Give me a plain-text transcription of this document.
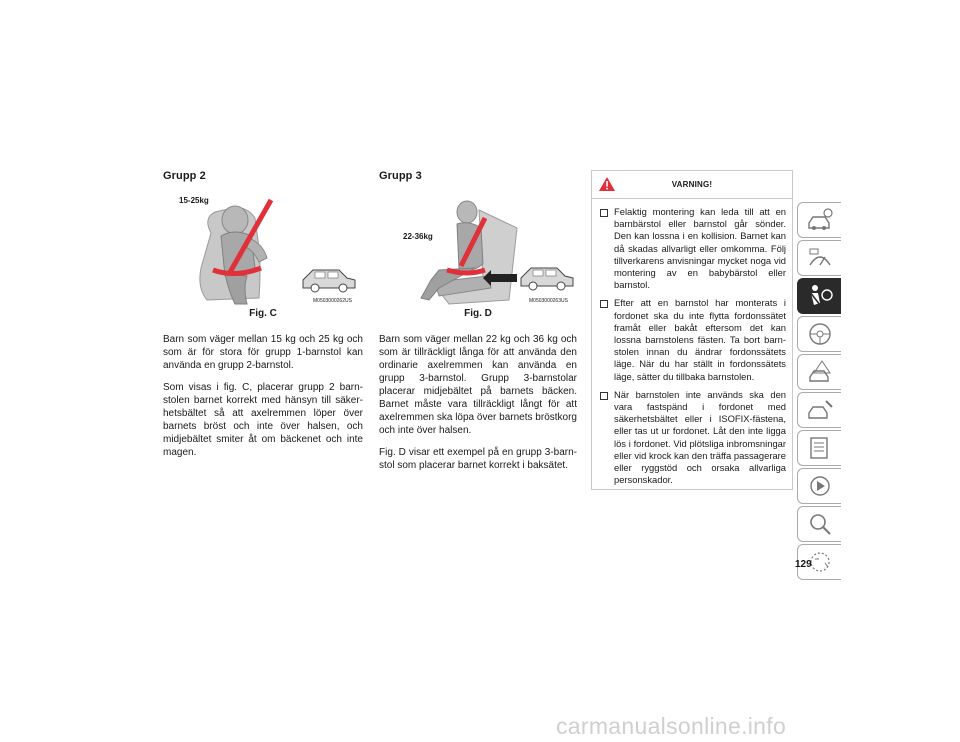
Grupp 2
15-25kg
M0503000262US
Fig. C

Barn som väger mellan 15 kg och 25 kg och som är för stora för grupp 1-barnstol kan använda en grupp 2-barnstol.

Som visas i fig. C, placerar grupp 2 barn-stolen barnet korrekt med hänsyn till säker-hetsbältet så att axelremmen löper över barnets bröst och inte över halsen, och midjebältet smiter åt om bäckenet och inte magen.

Grupp 3
22-36kg
M0503000263US
Fig. D

Barn som väger mellan 22 kg och 36 kg och som är tillräckligt långa för att använda den ordinarie axelremmen kan använda en grupp 3-barnstol. Grupp 3-barnstolar placerar midjebältet på barnets bäcken. Barnet måste vara tillräckligt långt för att axelremmen ska löpa över barnets bröstkorg och inte över halsen.

Fig. D visar ett exempel på en grupp 3-barn-stol som placerar barnet korrekt i baksätet.

VARNING!
Felaktig montering kan leda till att en barnbärstol eller barnstol går sönder. Den kan lossna i en kollision. Barnet kan då skadas allvarligt eller omkomma. Följ tillverkarens anvisningar mycket noga vid montering av en babybärstol eller barnstol.
Efter att en barnstol har monterats i fordonet ska du inte flytta fordonssätet framåt eller bakåt eftersom det kan lossna barnstolens fästen. Ta bort barn-stolen innan du ändrar fordonssätets läge. När du har ställt in fordonssätets läge, sätter du tillbaka barnstolen.
När barnstolen inte används ska den vara fastspänd i fordonet med säkerhetsbältet eller i ISOFIX-fästena, eller tas ut ur fordonet. Låt den inte ligga lös i fordonet. Vid plötsliga inbromsningar eller vid krock kan den träffa passagerare eller ryggstöd och orsaka allvarliga personskador.
129
carmanualsonline.info
